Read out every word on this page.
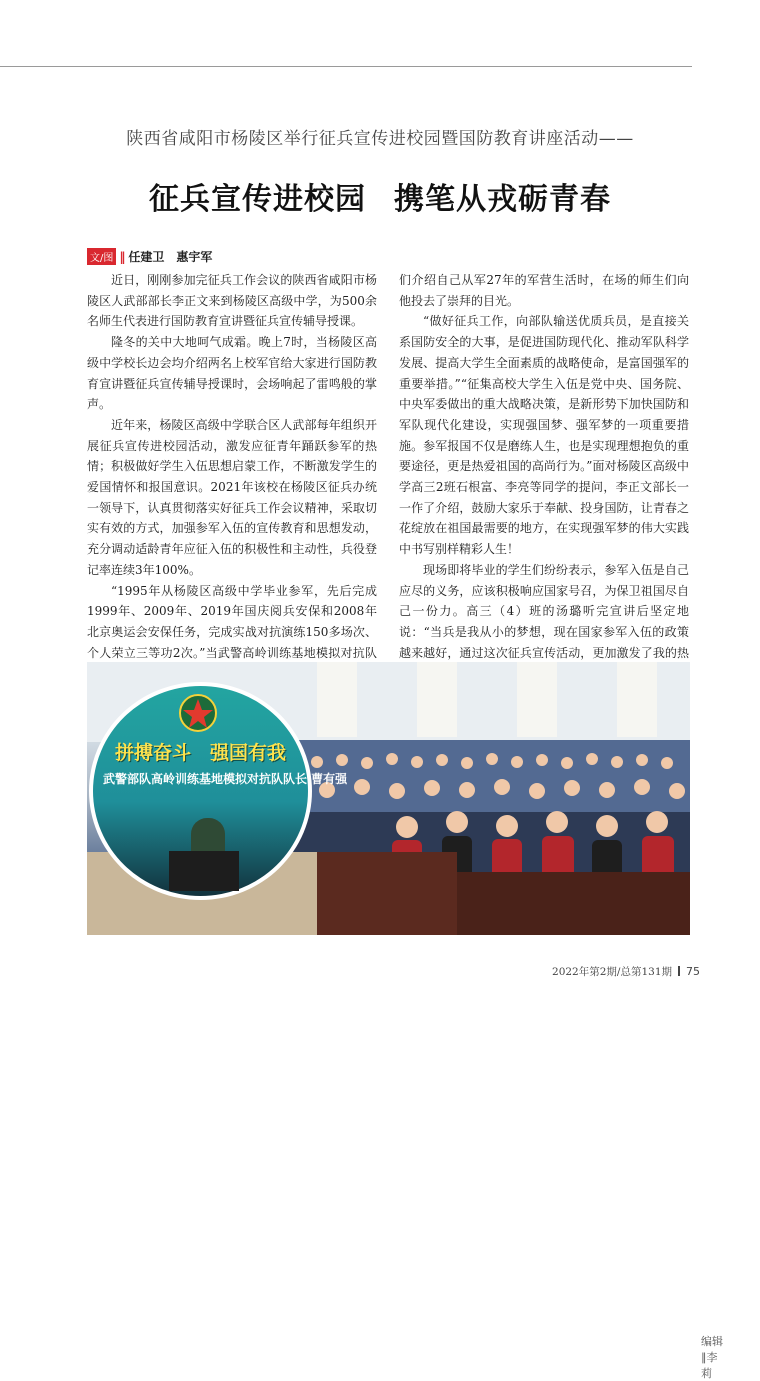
陕西省咸阳市杨陵区举行征兵宣传进校园暨国防教育讲座活动——
征兵宣传进校园 携笔从戎砺青春
文/图 ‖ 任建卫　惠宇军

近日，刚刚参加完征兵工作会议的陕西省咸阳市杨陵区人武部部长李正文来到杨陵区高级中学，为500余名师生代表进行国防教育宣讲暨征兵宣传辅导授课。

隆冬的关中大地呵气成霜。晚上7时，当杨陵区高级中学校长边会均介绍两名上校军官给大家进行国防教育宣讲暨征兵宣传辅导授课时，会场响起了雷鸣般的掌声。

近年来，杨陵区高级中学联合区人武部每年组织开展征兵宣传进校园活动，激发应征青年踊跃参军的热情；积极做好学生入伍思想启蒙工作，不断激发学生的爱国情怀和报国意识。2021年该校在杨陵区征兵办统一领导下，认真贯彻落实好征兵工作会议精神，采取切实有效的方式，加强参军入伍的宣传教育和思想发动，充分调动适龄青年应征入伍的积极性和主动性，兵役登记率连续3年100%。

“1995年从杨陵区高级中学毕业参军，先后完成1999年、2009年、2019年国庆阅兵安保和2008年北京奥运会安保任务，完成实战对抗演练150多场次、个人荣立三等功2次。”当武警高岭训练基地模拟对抗队

们介绍自己从军27年的军营生活时，在场的师生们向他投去了崇拜的目光。

“做好征兵工作，向部队输送优质兵员，是直接关系国防安全的大事，是促进国防现代化、推动军队科学发展、提高大学生全面素质的战略使命，是富国强军的重要举措。”“征集高校大学生入伍是党中央、国务院、中央军委做出的重大战略决策，是新形势下加快国防和军队现代化建设，实现强国梦、强军梦的一项重要措施。参军报国不仅是磨练人生，也是实现理想抱负的重要途径，更是热爱祖国的高尚行为。”面对杨陵区高级中学高三2班石根富、李亮等同学的提问，李正文部长一一作了介绍，鼓励大家乐于奉献、投身国防，让青春之花绽放在祖国最需要的地方，在实现强军梦的伟大实践中书写别样精彩人生！

现场即将毕业的学生们纷纷表示，参军入伍是自己应尽的义务，应该积极响应国家号召，为保卫祖国尽自己一份力。高三（4）班的汤璐听完宣讲后坚定地说：“当兵是我从小的梦想，现在国家参军入伍的政策越来越好，通过这次征兵宣传活动，更加激发了我的热

编辑∥李　莉
拼搏奋斗　强国有我
武警部队高岭训练基地模拟对抗队队长 曹有强
2022年第2期/总第131期 75
